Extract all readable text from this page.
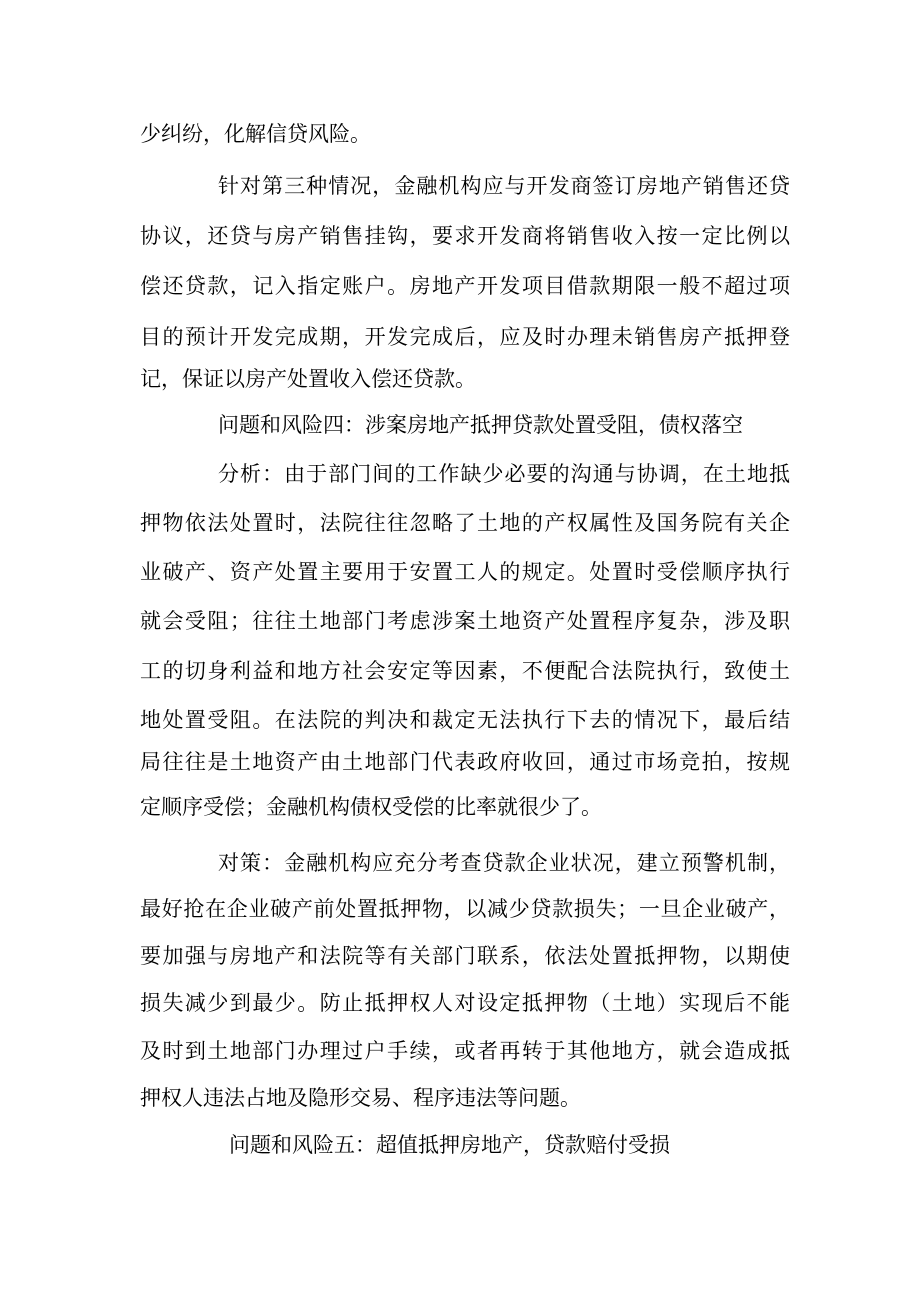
少纠纷，化解信贷风险。
针对第三种情况，金融机构应与开发商签订房地产销售还贷
协议，还贷与房产销售挂钩，要求开发商将销售收入按一定比例以
偿还贷款，记入指定账户。房地产开发项目借款期限一般不超过项
目的预计开发完成期，开发完成后，应及时办理未销售房产抵押登
记，保证以房产处置收入偿还贷款。
问题和风险四：涉案房地产抵押贷款处置受阻，债权落空
分析：由于部门间的工作缺少必要的沟通与协调，在土地抵
押物依法处置时，法院往往忽略了土地的产权属性及国务院有关企
业破产、资产处置主要用于安置工人的规定。处置时受偿顺序执行
就会受阻；往往土地部门考虑涉案土地资产处置程序复杂，涉及职
工的切身利益和地方社会安定等因素，不便配合法院执行，致使土
地处置受阻。在法院的判决和裁定无法执行下去的情况下，最后结
局往往是土地资产由土地部门代表政府收回，通过市场竞拍，按规
定顺序受偿；金融机构债权受偿的比率就很少了。
对策：金融机构应充分考查贷款企业状况，建立预警机制，
最好抢在企业破产前处置抵押物，以减少贷款损失；一旦企业破产，
要加强与房地产和法院等有关部门联系，依法处置抵押物，以期使
损失减少到最少。防止抵押权人对设定抵押物（土地）实现后不能
及时到土地部门办理过户手续，或者再转于其他地方，就会造成抵
押权人违法占地及隐形交易、程序违法等问题。
问题和风险五：超值抵押房地产，贷款赔付受损
